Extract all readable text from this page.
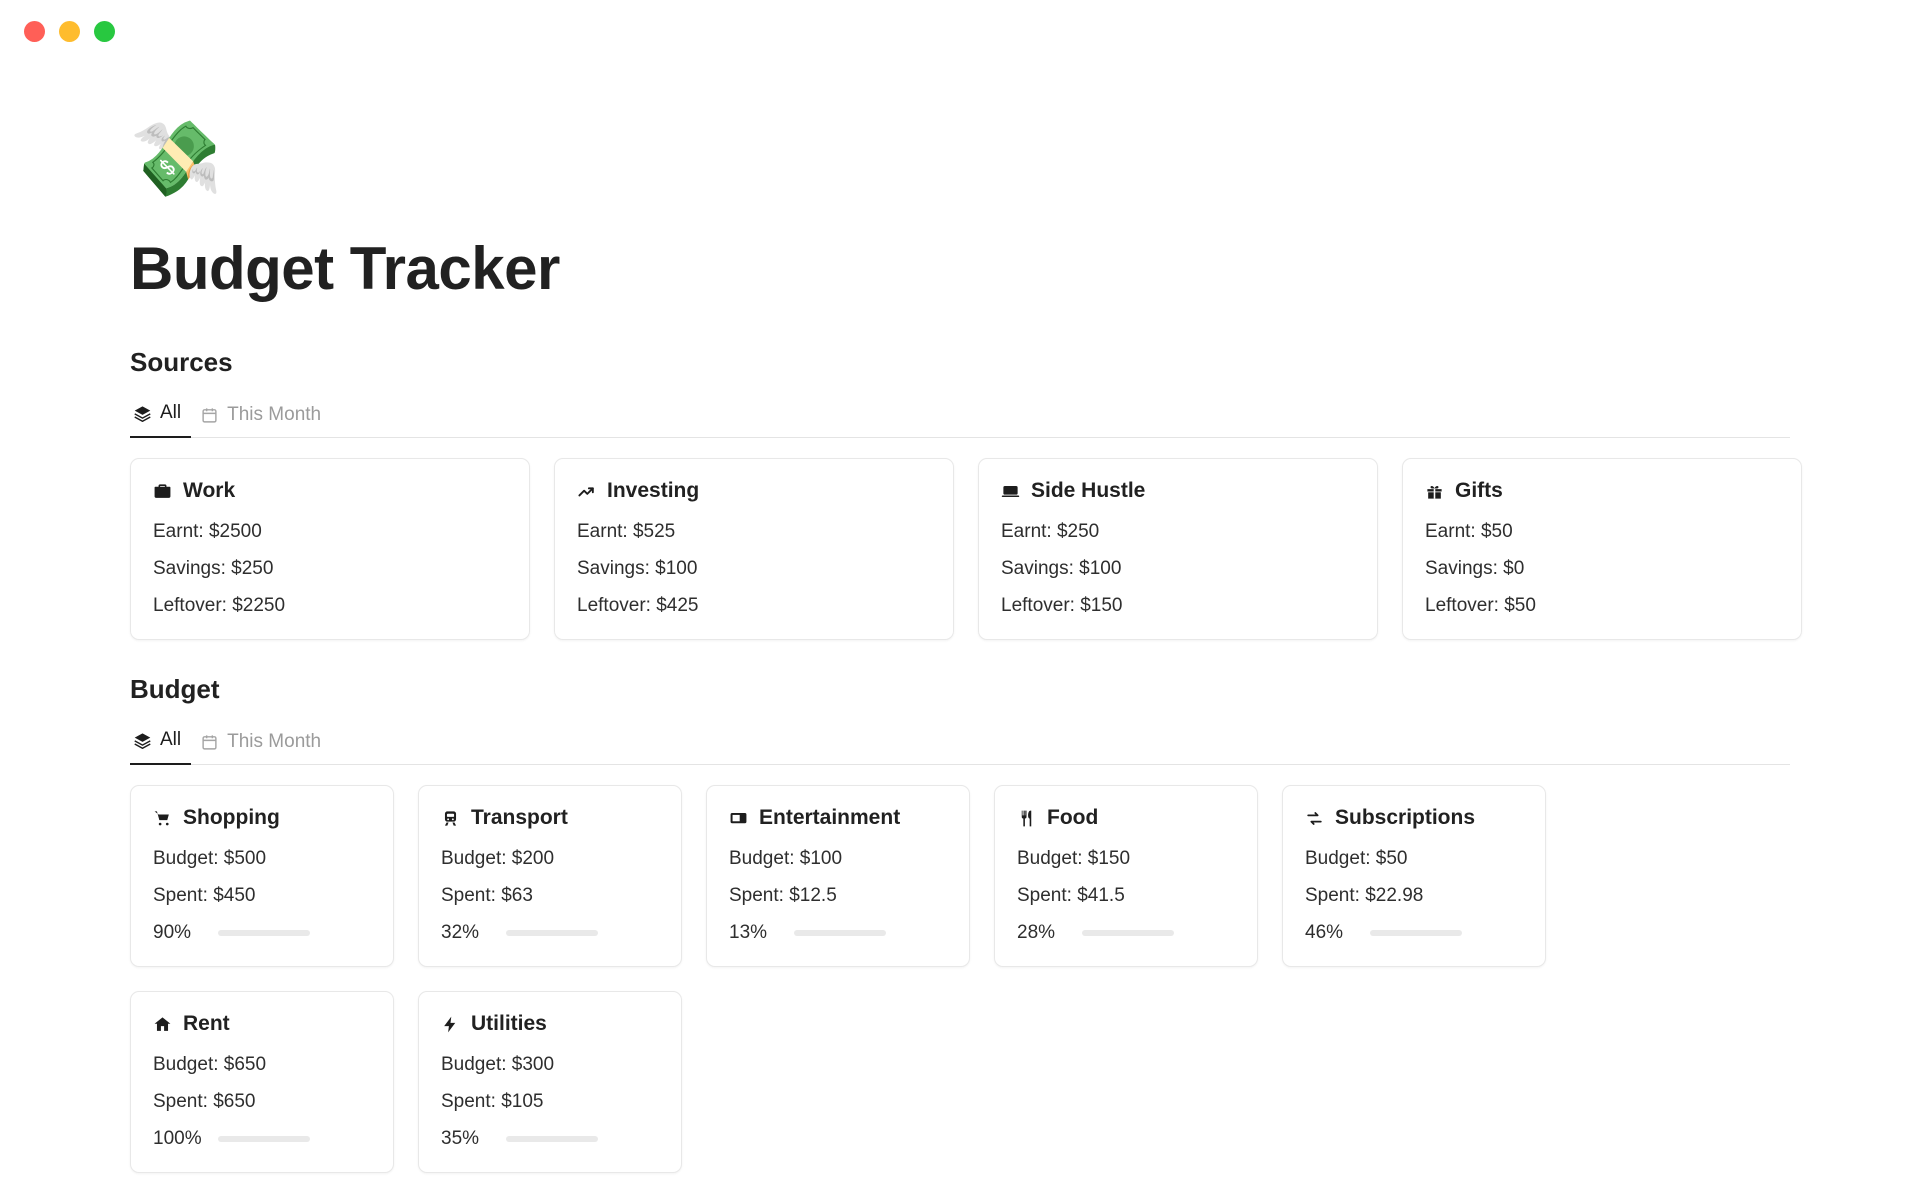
💸
Budget Tracker
Sources
All This Month
Work
Earnt: $2500
Savings: $250
Leftover: $2250
Investing
Earnt: $525
Savings: $100
Leftover: $425
Side Hustle
Earnt: $250
Savings: $100
Leftover: $150
Gifts
Earnt: $50
Savings: $0
Leftover: $50
Budget
All This Month
Shopping
Budget: $500
Spent: $450
90%
Transport
Budget: $200
Spent: $63
32%
Entertainment
Budget: $100
Spent: $12.5
13%
Food
Budget: $150
Spent: $41.5
28%
Subscriptions
Budget: $50
Spent: $22.98
46%
Rent
Budget: $650
Spent: $650
100%
Utilities
Budget: $300
Spent: $105
35%
